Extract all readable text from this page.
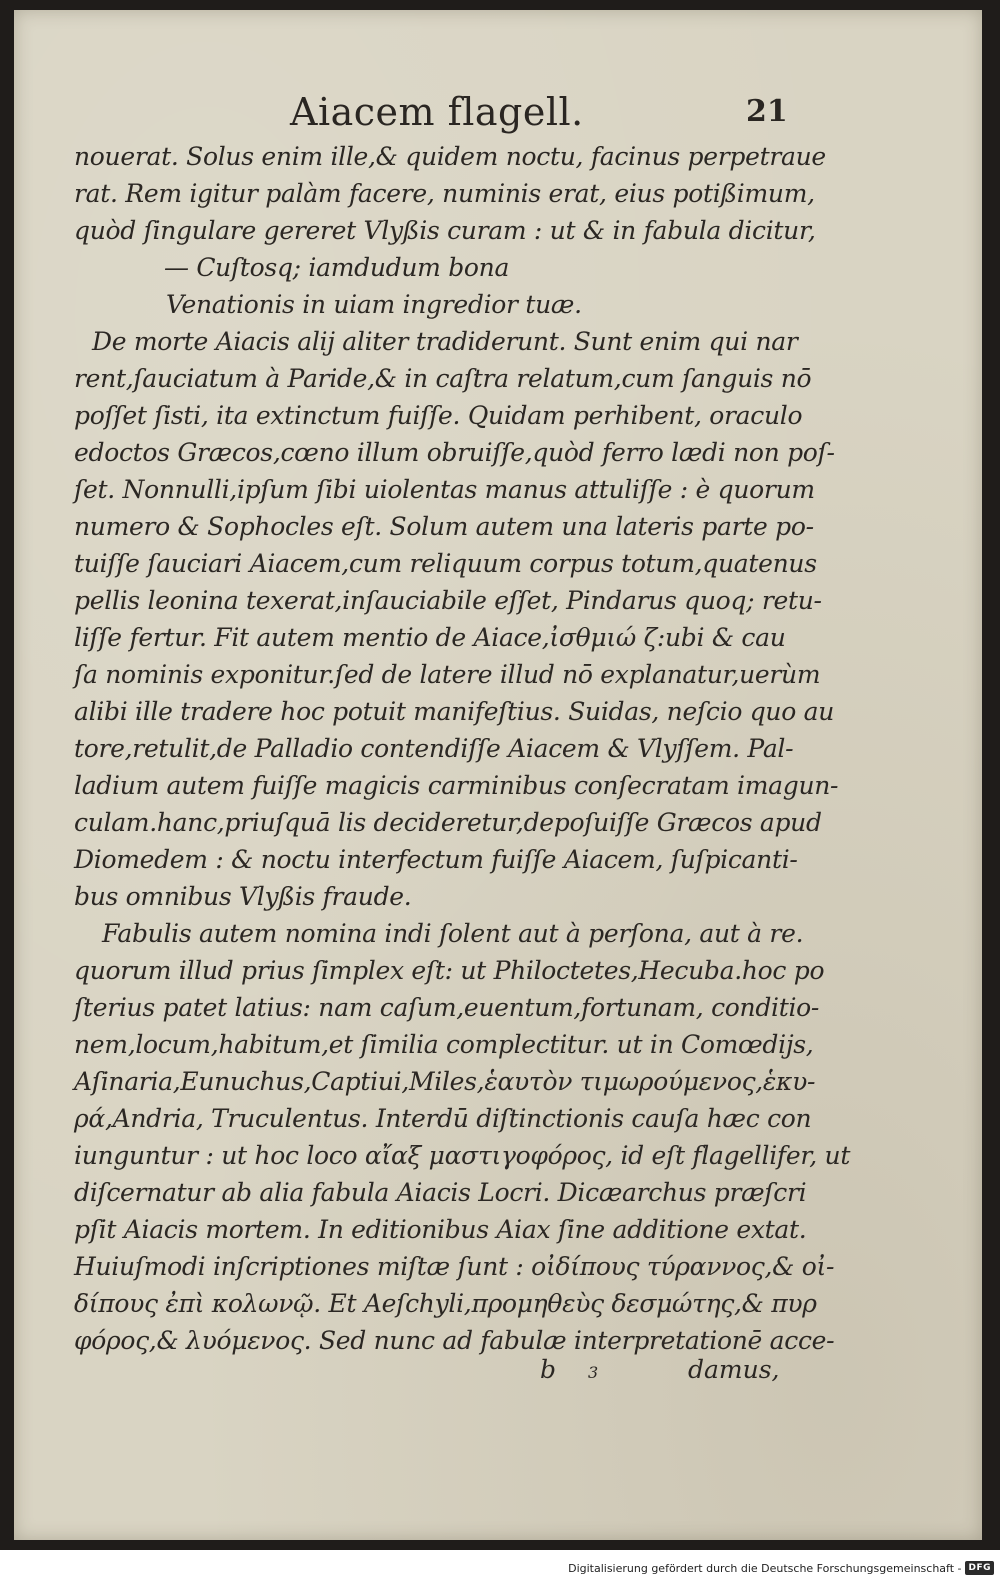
Aiacem flagell.	21
nouerat. Solus enim ille,& quidem noctu, facinus perpetraue
rat. Rem igitur palàm facere, numinis erat, eius potißimum,
quòd ſingulare gereret Vlyßis curam : ut & in fabula dicitur,
— Cuſtosq; iamdudum bona
Venationis in uiam ingredior tuæ.
De morte Aiacis alij aliter tradiderunt. Sunt enim qui nar
rent,ſauciatum à Paride,& in caſtra relatum,cum ſanguis nō
poſſet ſisti, ita extinctum fuiſſe. Quidam perhibent, oraculo
edoctos Græcos,cœno illum obruiſſe,quòd ferro lædi non poſ-
ſet. Nonnulli,ipſum ſibi uiolentas manus attuliſſe : è quorum
numero & Sophocles eſt. Solum autem una lateris parte po-
tuiſſe ſauciari Aiacem,cum reliquum corpus totum,quatenus
pellis leonina texerat,inſauciabile eſſet, Pindarus quoq; retu-
liſſe fertur. Fit autem mentio de Aiace,ἰσθμιώ ζ:ubi & cau
ſa nominis exponitur.ſed de latere illud nō explanatur,uerùm
alibi ille tradere hoc potuit manifeſtius. Suidas, neſcio quo au
tore,retulit,de Palladio contendiſſe Aiacem & Vlyſſem. Pal-
ladium autem fuiſſe magicis carminibus conſecratam imagun-
culam.hanc,priuſquā lis decideretur,depoſuiſſe Græcos apud
Diomedem : & noctu interfectum fuiſſe Aiacem, ſuſpicanti-
bus omnibus Vlyßis fraude.
Fabulis autem nomina indi ſolent aut à perſona, aut à re.
quorum illud prius ſimplex eſt: ut Philoctetes,Hecuba.hoc po
ſterius patet latius: nam caſum,euentum,fortunam, conditio-
nem,locum,habitum,et ſimilia complectitur. ut in Comœdijs,
Aſinaria,Eunuchus,Captiui,Miles,ἑαυτὸν τιμωρούμενος,ἑκυ-
ρά,Andria, Truculentus. Interdū diſtinctionis cauſa hæc con
iunguntur : ut hoc loco αἴαξ μαστιγοφόρος, id eſt flagellifer, ut
diſcernatur ab alia fabula Aiacis Locri. Dicæarchus præſcri
pſit Aiacis mortem. In editionibus Aiax ſine additione extat.
Huiuſmodi inſcriptiones miſtæ ſunt : οἰδίπους τύραννος,& οἰ-
δίπους ἐπὶ κολωνῷ. Et Aeſchyli,προμηθεὺς δεσμώτης,& πυρ
φόρος,& λυόμενος. Sed nunc ad fabulæ interpretationē acce-
b 3	damus,
Digitalisierung gefördert durch die Deutsche Forschungsgemeinschaft - DFG
